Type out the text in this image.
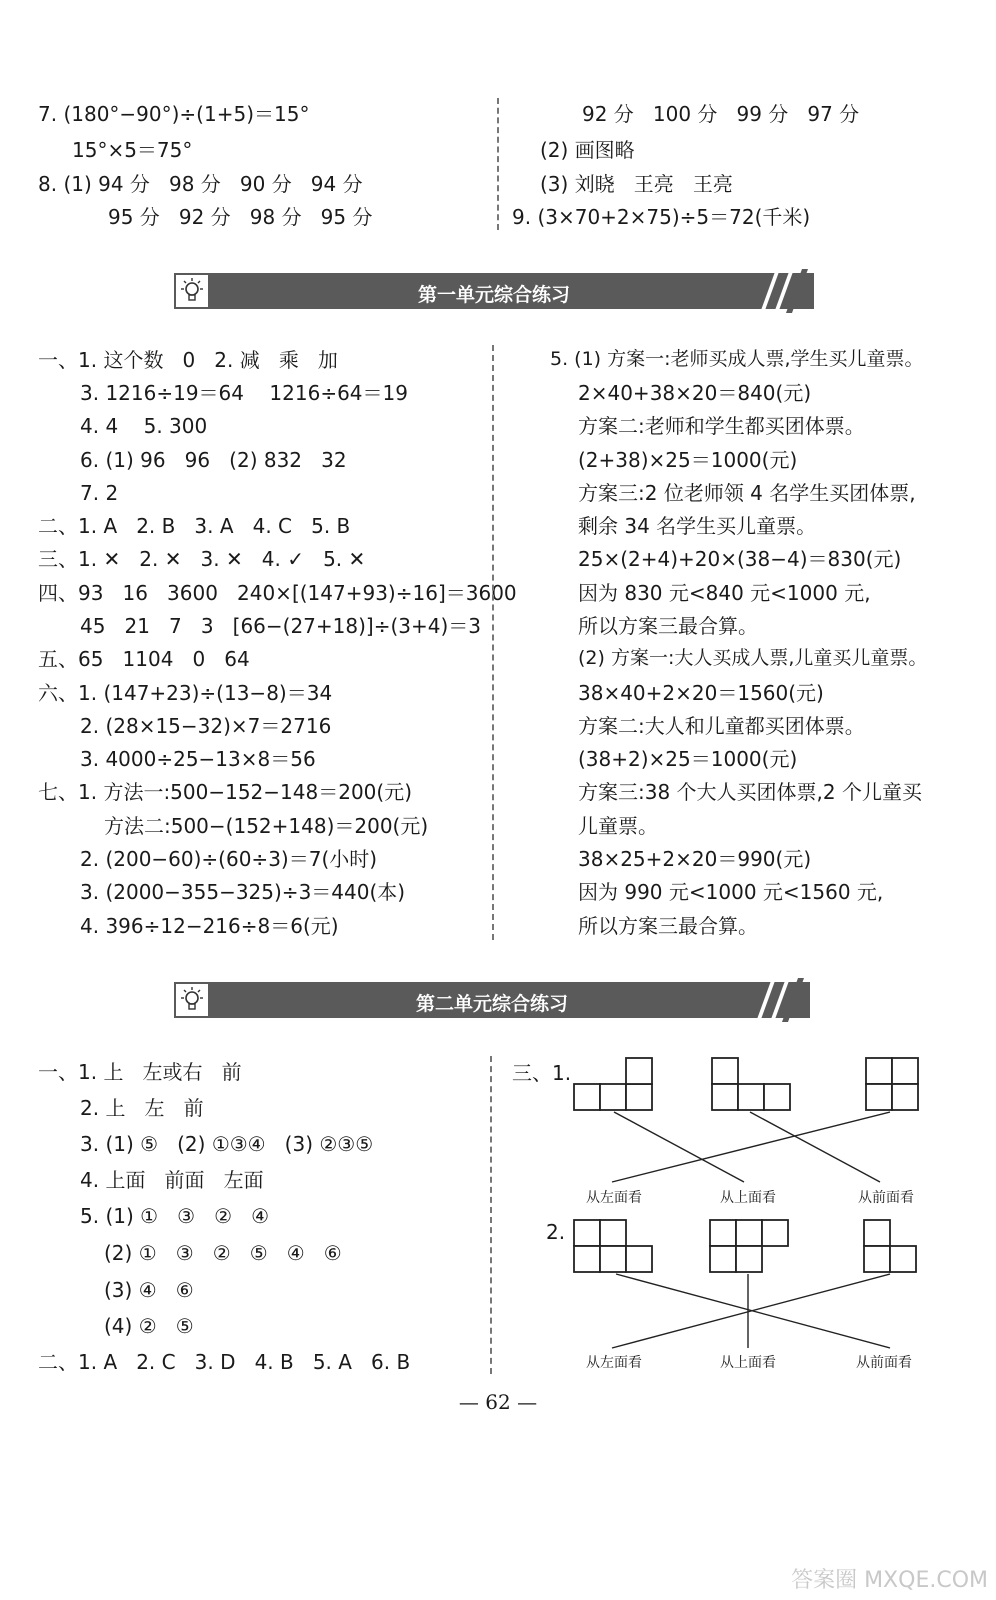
7. (180°−90°)÷(1+5)＝15°
15°×5＝75°
8. (1) 94 分   98 分   90 分   94 分
95 分   92 分   98 分   95 分
92 分   100 分   99 分   97 分
(2) 画图略
(3) 刘晓   王亮   王亮
9. (3×70+2×75)÷5＝72(千米)
第一单元综合练习
一、1. 这个数   0   2. 减   乘   加
3. 1216÷19＝64    1216÷64＝19
4. 4    5. 300
6. (1) 96   96   (2) 832   32
7. 2
二、1. A   2. B   3. A   4. C   5. B
三、1. ✕   2. ✕   3. ✕   4. ✓   5. ✕
四、93   16   3600   240×[(147+93)÷16]＝3600
45   21   7   3   [66−(27+18)]÷(3+4)＝3
五、65   1104   0   64
六、1. (147+23)÷(13−8)＝34
2. (28×15−32)×7＝2716
3. 4000÷25−13×8＝56
七、1. 方法一:500−152−148＝200(元)
方法二:500−(152+148)＝200(元)
2. (200−60)÷(60÷3)＝7(小时)
3. (2000−355−325)÷3＝440(本)
4. 396÷12−216÷8＝6(元)
5. (1) 方案一:老师买成人票,学生买儿童票。
2×40+38×20＝840(元)
方案二:老师和学生都买团体票。
(2+38)×25＝1000(元)
方案三:2 位老师领 4 名学生买团体票,
剩余 34 名学生买儿童票。
25×(2+4)+20×(38−4)＝830(元)
因为 830 元<840 元<1000 元,
所以方案三最合算。
(2) 方案一:大人买成人票,儿童买儿童票。
38×40+2×20＝1560(元)
方案二:大人和儿童都买团体票。
(38+2)×25＝1000(元)
方案三:38 个大人买团体票,2 个儿童买
儿童票。
38×25+2×20＝990(元)
因为 990 元<1000 元<1560 元,
所以方案三最合算。
第二单元综合练习
一、1. 上   左或右   前
2. 上   左   前
3. (1) ⑤   (2) ①③④   (3) ②③⑤
4. 上面   前面   左面
5. (1) ①   ③   ②   ④
(2) ①   ③   ②   ⑤   ④   ⑥
(3) ④   ⑥
(4) ②   ⑤
二、1. A   2. C   3. D   4. B   5. A   6. B
三、1.
2.
从左面看	从上面看	从前面看
从左面看	从上面看	从前面看
— 62 —
答案圈 MXQE.COM
